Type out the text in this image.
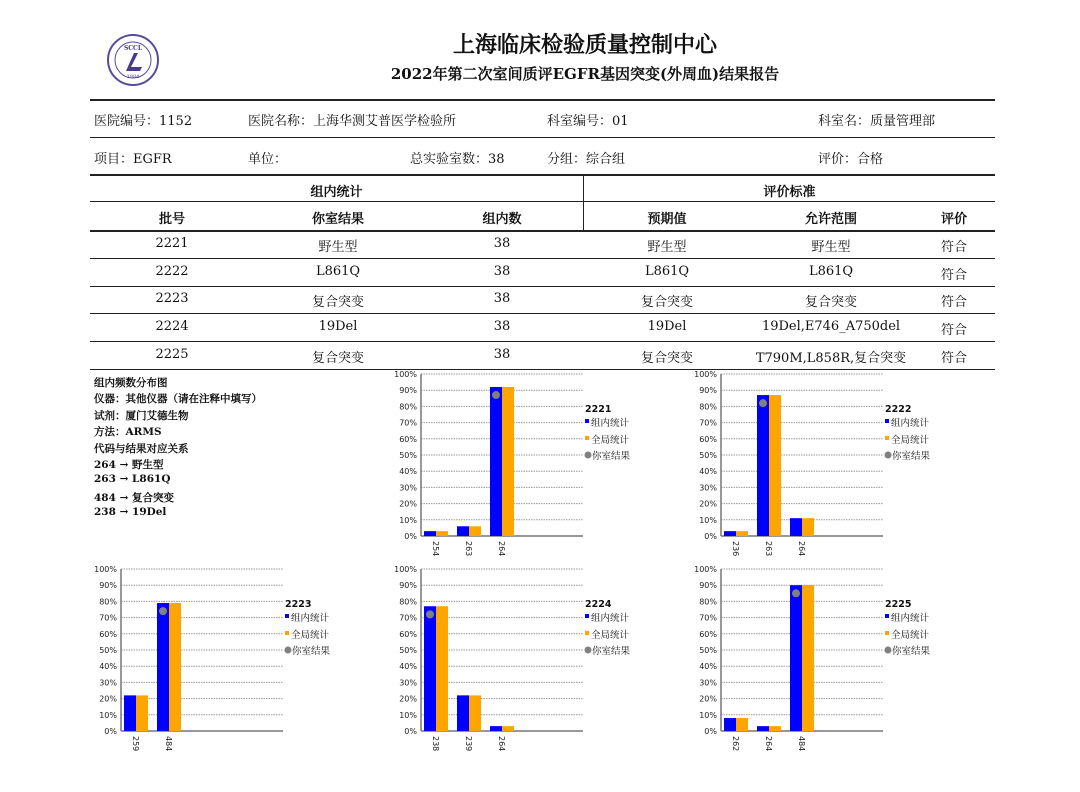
SCCL
1984
上海临床检验质量控制中心
2022年第二次室间质评EGFR基因突变(外周血)结果报告
医院编号：1152	医院名称：上海华测艾普医学检验所	科室编号：01	科室名：质量管理部
项目：EGFR	单位：	总实验室数：38	分组：综合组	评价：合格
组内统计	评价标准
批号	你室结果	组内数	预期值	允许范围	评价
2221	野生型	38	野生型	野生型	符合
2222	L861Q	38	L861Q	L861Q	符合
2223	复合突变	38	复合突变	复合突变	符合
2224	19Del	38	19Del	19Del,E746_A750del	符合
2225	复合突变	38	复合突变	T790M,L858R,复合突变	符合
组内频数分布图
仪器：其他仪器（请在注释中填写）
试剂：厦门艾德生物
方法：ARMS
代码与结果对应关系
264 → 野生型
263 → L861Q
484 → 复合突变
238 → 19Del
0%
10%
20%
30%
40%
50%
60%
70%
80%
90%
100%
254	263	264
2221
组内统计
全局统计
你室结果
0%
10%
20%
30%
40%
50%
60%
70%
80%
90%
100%
236	263	264
2222
组内统计
全局统计
你室结果
0%
10%
20%
30%
40%
50%
60%
70%
80%
90%
100%
259	484
2223
组内统计
全局统计
你室结果
0%
10%
20%
30%
40%
50%
60%
70%
80%
90%
100%
238	239	264
2224
组内统计
全局统计
你室结果
0%
10%
20%
30%
40%
50%
60%
70%
80%
90%
100%
262	264	484
2225
组内统计
全局统计
你室结果
